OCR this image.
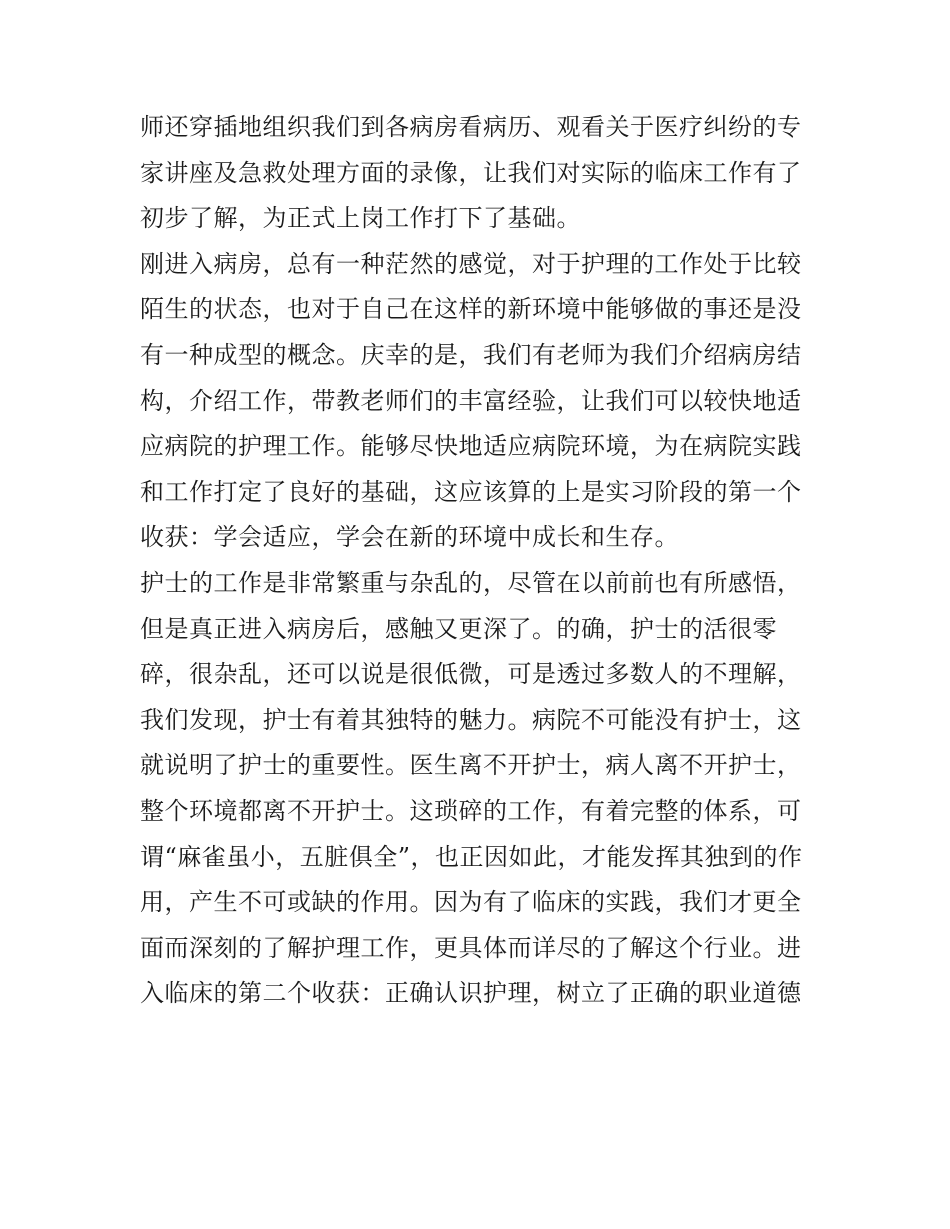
师还穿插地组织我们到各病房看病历、观看关于医疗纠纷的专
家讲座及急救处理方面的录像，让我们对实际的临床工作有了
初步了解，为正式上岗工作打下了基础。
刚进入病房，总有一种茫然的感觉，对于护理的工作处于比较
陌生的状态，也对于自己在这样的新环境中能够做的事还是没
有一种成型的概念。庆幸的是，我们有老师为我们介绍病房结
构，介绍工作，带教老师们的丰富经验，让我们可以较快地适
应病院的护理工作。能够尽快地适应病院环境，为在病院实践
和工作打定了良好的基础，这应该算的上是实习阶段的第一个
收获：学会适应，学会在新的环境中成长和生存。
护士的工作是非常繁重与杂乱的，尽管在以前前也有所感悟，
但是真正进入病房后，感触又更深了。的确，护士的活很零
碎，很杂乱，还可以说是很低微，可是透过多数人的不理解，
我们发现，护士有着其独特的魅力。病院不可能没有护士，这
就说明了护士的重要性。医生离不开护士，病人离不开护士，
整个环境都离不开护士。这琐碎的工作，有着完整的体系，可
谓“麻雀虽小，五脏俱全”，也正因如此，才能发挥其独到的作
用，产生不可或缺的作用。因为有了临床的实践，我们才更全
面而深刻的了解护理工作，更具体而详尽的了解这个行业。进
入临床的第二个收获：正确认识护理，树立了正确的职业道德
